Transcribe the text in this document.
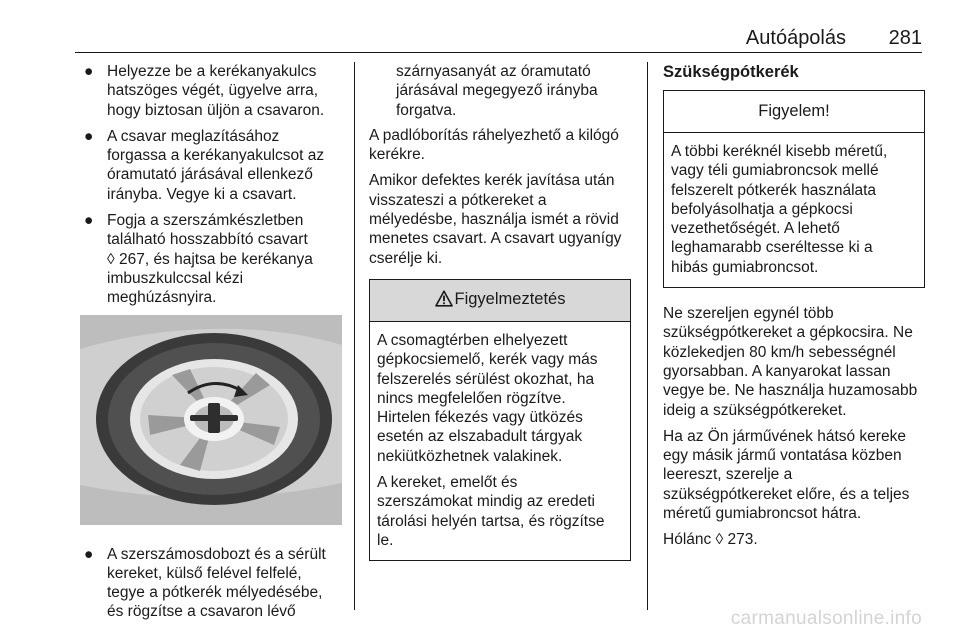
Autóápolás 281
● Helyezze be a kerékanyakulcs
hatszöges végét, ügyelve arra,
hogy biztosan üljön a csavaron.
● A csavar meglazításához
forgassa a kerékanyakulcsot az
óramutató járásával ellenkező
irányba. Vegye ki a csavart.
● Fogja a szerszámkészletben
található hosszabbító csavart
◊ 267, és hajtsa be kerékanya
imbuszkulccsal kézi
meghúzásnyira.
● A szerszámosdobozt és a sérült
kereket, külső felével felfelé,
tegye a pótkerék mélyedésébe,
és rögzítse a csavaron lévő
szárnyasanyát az óramutató
járásával megegyező irányba
forgatva.

A padlóborítás ráhelyezhető a kilógó
kerékre.

Amikor defektes kerék javítása után
visszateszi a pótkereket a
mélyedésbe, használja ismét a rövid
menetes csavart. A csavart ugyanígy
cserélje ki.

Figyelmeztetés

A csomagtérben elhelyezett
gépkocsiemelő, kerék vagy más
felszerelés sérülést okozhat, ha
nincs megfelelően rögzítve.
Hirtelen fékezés vagy ütközés
esetén az elszabadult tárgyak
nekiütközhetnek valakinek.

A kereket, emelőt és
szerszámokat mindig az eredeti
tárolási helyén tartsa, és rögzítse
le.

Szükségpótkerék
Figyelem!

A többi keréknél kisebb méretű,
vagy téli gumiabroncsok mellé
felszerelt pótkerék használata
befolyásolhatja a gépkocsi
vezethetőségét. A lehető
leghamarabb cseréltesse ki a
hibás gumiabroncsot.

Ne szereljen egynél több
szükségpótkereket a gépkocsira. Ne
közlekedjen 80 km/h sebességnél
gyorsabban. A kanyarokat lassan
vegye be. Ne használja huzamosabb
ideig a szükségpótkereket.

Ha az Ön járművének hátsó kereke
egy másik jármű vontatása közben
leereszt, szerelje a
szükségpótkereket előre, és a teljes
méretű gumiabroncsot hátra.

Hólánc ◊ 273.

carmanualsonline.info
